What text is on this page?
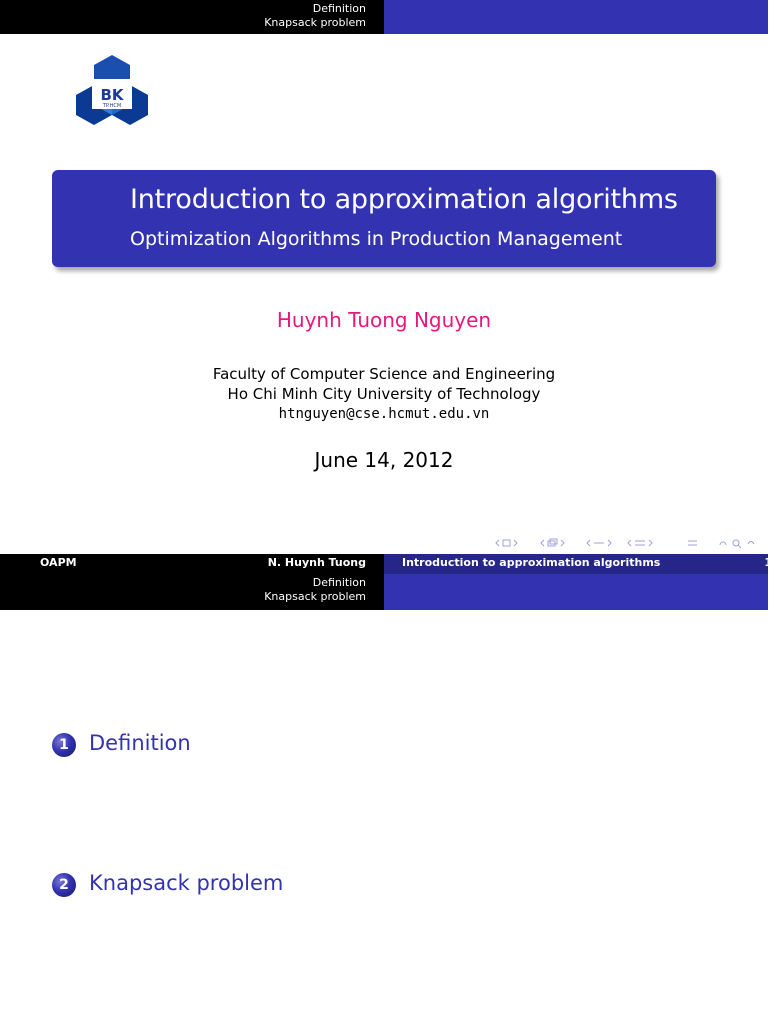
Definition
Knapsack problem
BK
TP.HCM
Introduction to approximation algorithms
Optimization Algorithms in Production Management
Huynh Tuong Nguyen
Faculty of Computer Science and Engineering
Ho Chi Minh City University of Technology
htnguyen@cse.hcmut.edu.vn
June 14, 2012
OAPM	N. Huynh Tuong
Definition
Knapsack problem
Introduction to approximation algorithms	1
1 Definition
2 Knapsack problem
